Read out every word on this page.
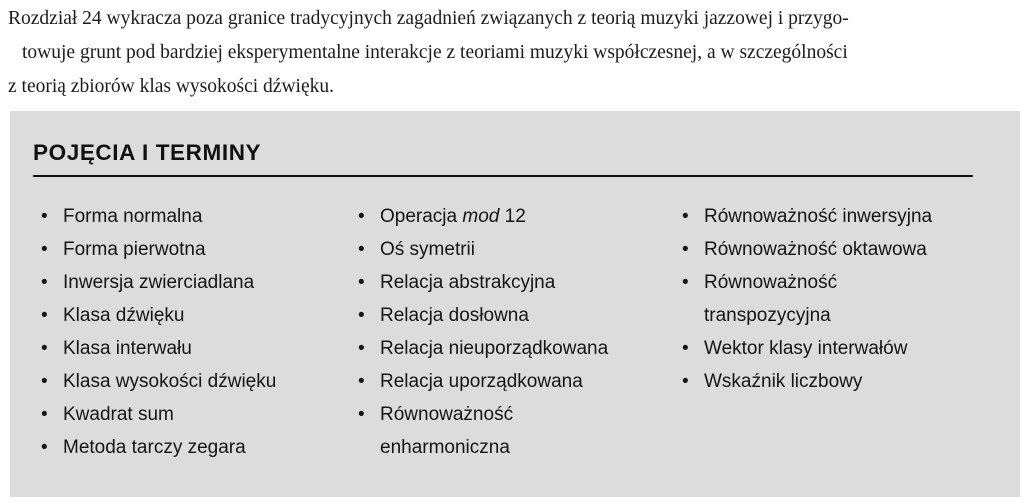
Rozdział 24 wykracza poza granice tradycyjnych zagadnień związanych z teorią muzyki jazzowej i przygo-
towuje grunt pod bardziej eksperymentalne interakcje z teoriami muzyki współczesnej, a w szczególności
z teorią zbiorów klas wysokości dźwięku.
POJĘCIA I TERMINY
• Forma normalna
• Forma pierwotna
• Inwersja zwierciadlana
• Klasa dźwięku
• Klasa interwału
• Klasa wysokości dźwięku
• Kwadrat sum
• Metoda tarczy zegara
• Operacja mod 12
• Oś symetrii
• Relacja abstrakcyjna
• Relacja dosłowna
• Relacja nieuporządkowana
• Relacja uporządkowana
• Równoważność
enharmoniczna
• Równoważność inwersyjna
• Równoważność oktawowa
• Równoważność
transpozycyjna
• Wektor klasy interwałów
• Wskaźnik liczbowy
